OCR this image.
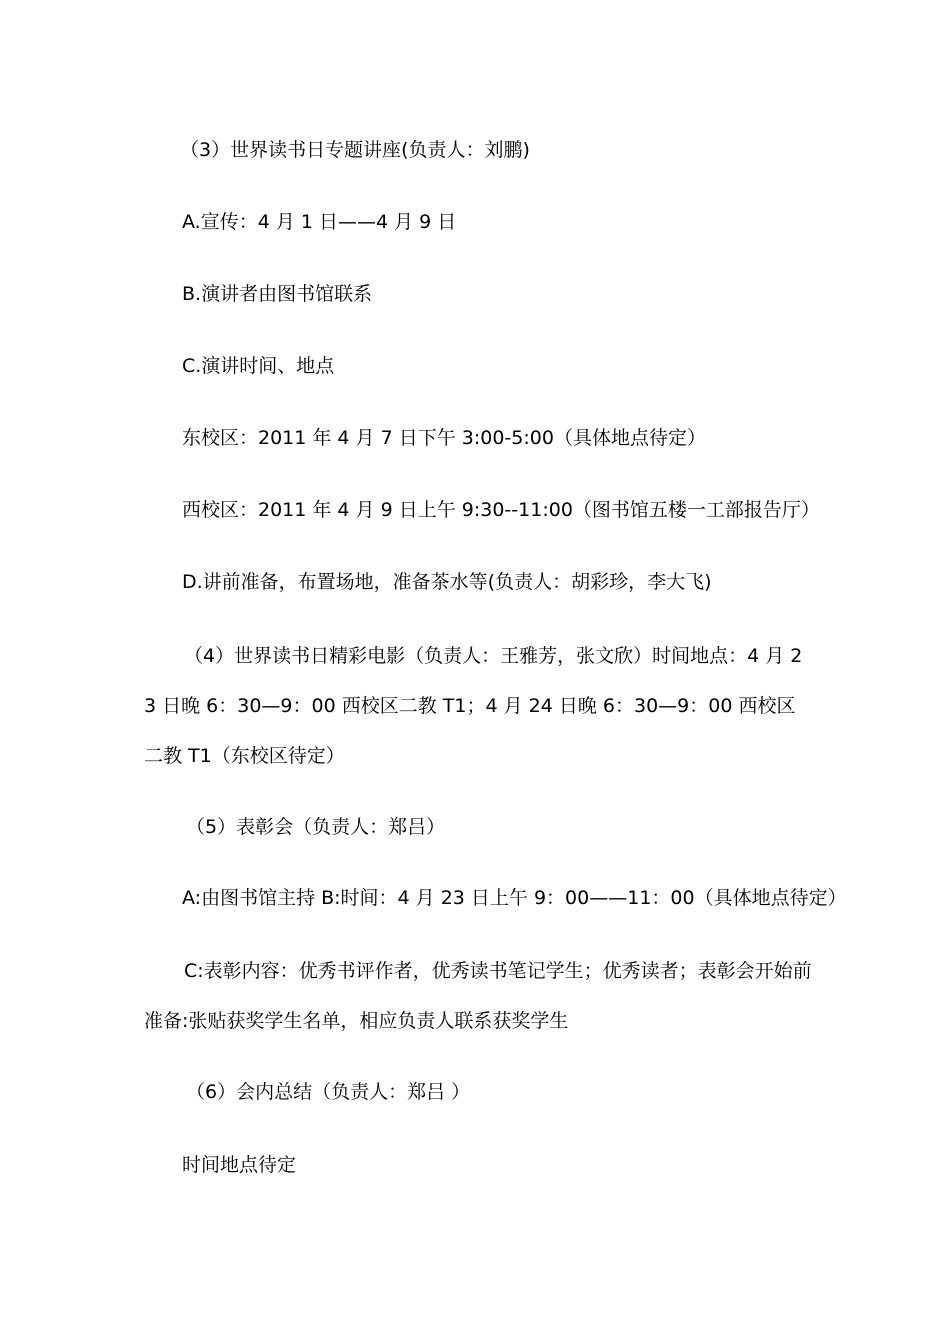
（3）世界读书日专题讲座(负责人：刘鹏)
A.宣传：4 月 1 日——4 月 9 日
B.演讲者由图书馆联系
C.演讲时间、地点
东校区：2011 年 4 月 7 日下午 3:00-5:00（具体地点待定）
西校区：2011 年 4 月 9 日上午 9:30--11:00（图书馆五楼一工部报告厅）
D.讲前准备，布置场地，准备茶水等(负责人：胡彩珍，李大飞)
（4）世界读书日精彩电影（负责人：王雅芳，张文欣）时间地点：4 月 23 日晚 6：30—9：00 西校区二教 T1；4 月 24 日晚 6：30—9：00 西校区二教 T1（东校区待定）
（5）表彰会（负责人：郑吕）
A:由图书馆主持 B:时间：4 月 23 日上午 9：00——11：00（具体地点待定）
C:表彰内容：优秀书评作者，优秀读书笔记学生；优秀读者；表彰会开始前准备:张贴获奖学生名单，相应负责人联系获奖学生
（6）会内总结（负责人：郑吕 ）
时间地点待定
